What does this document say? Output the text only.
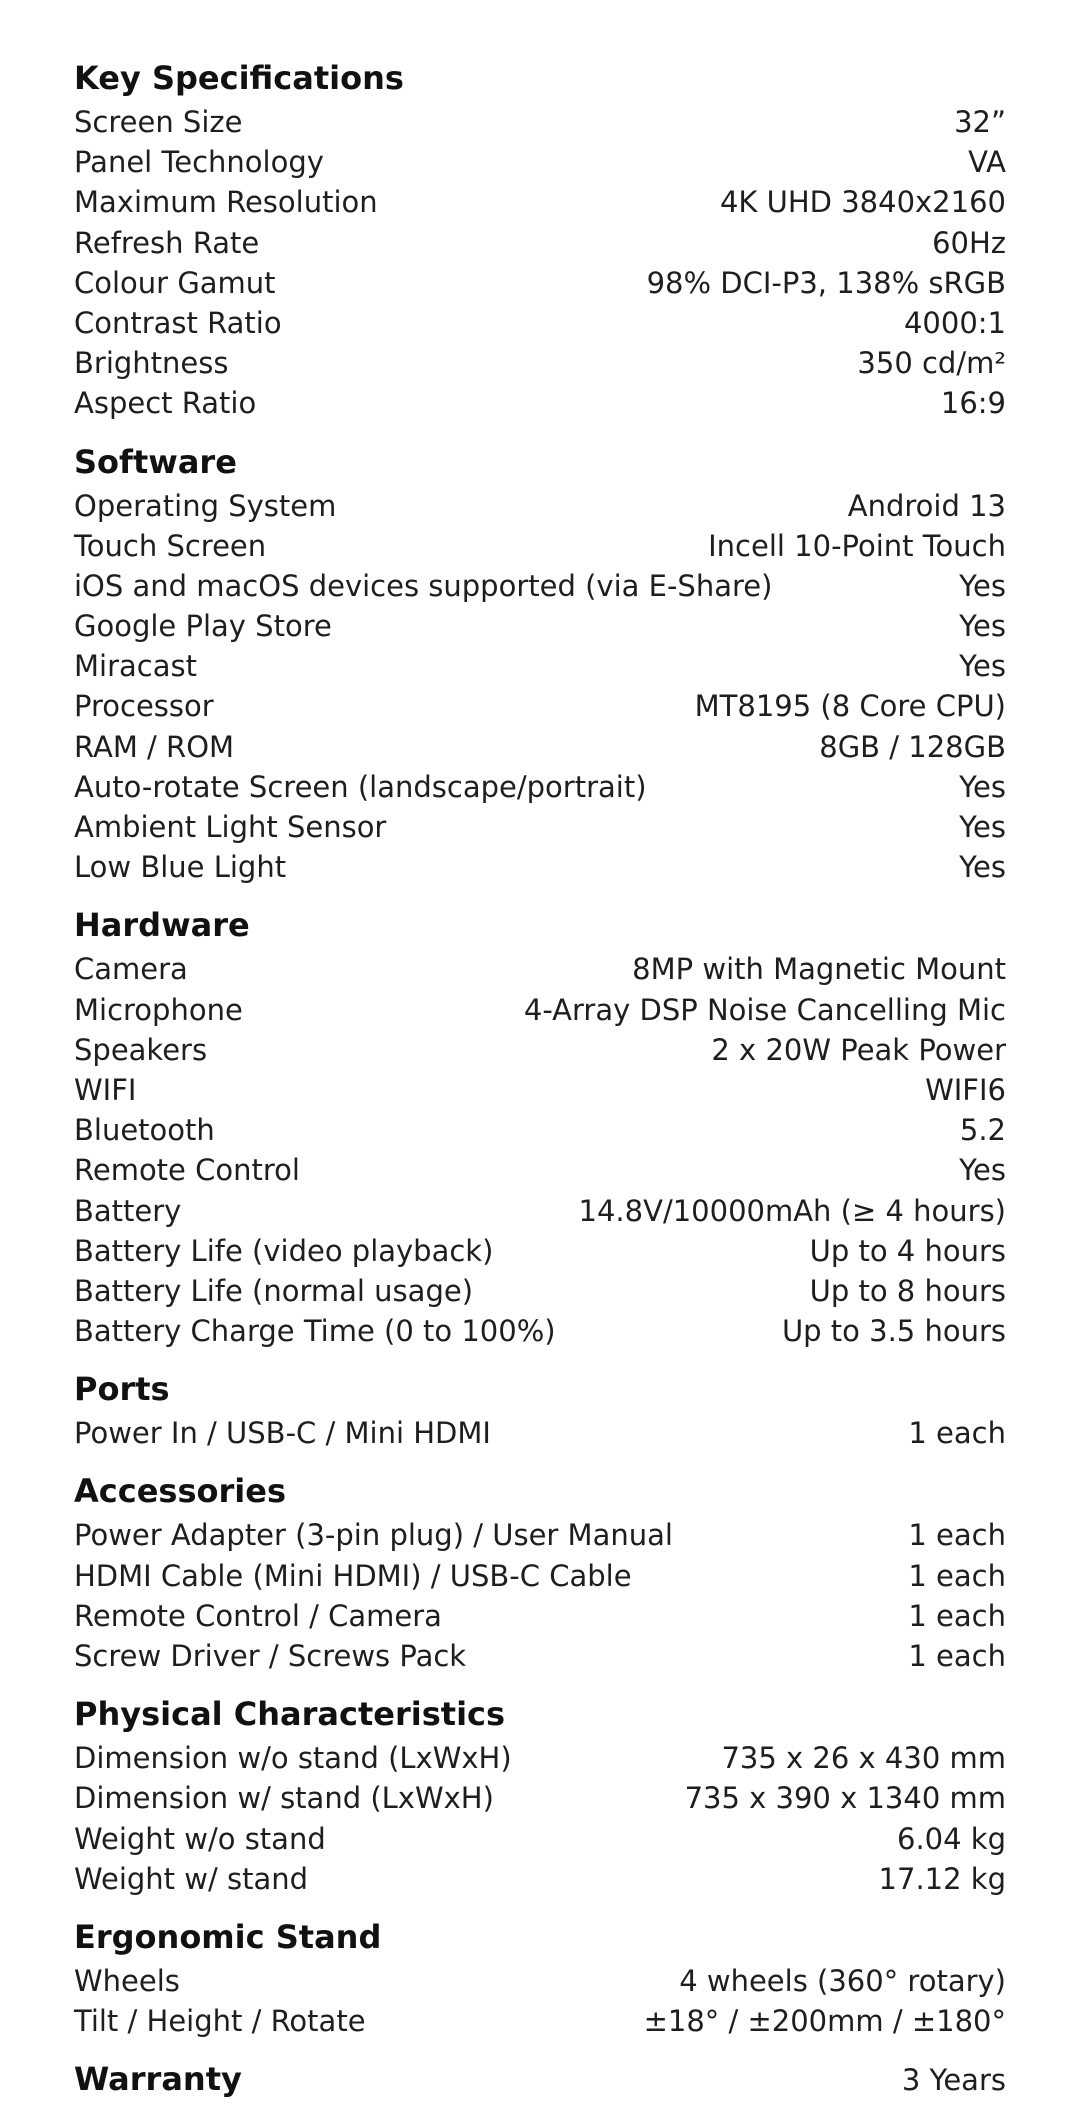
Key Specifications
Screen Size	32”
Panel Technology	VA
Maximum Resolution	4K UHD 3840x2160
Refresh Rate	60Hz
Colour Gamut	98% DCI-P3, 138% sRGB
Contrast Ratio	4000:1
Brightness	350 cd/m²
Aspect Ratio	16:9
Software
Operating System	Android 13
Touch Screen	Incell 10-Point Touch
iOS and macOS devices supported (via E-Share)	Yes
Google Play Store	Yes
Miracast	Yes
Processor	MT8195 (8 Core CPU)
RAM / ROM	8GB / 128GB
Auto-rotate Screen (landscape/portrait)	Yes
Ambient Light Sensor	Yes
Low Blue Light	Yes
Hardware
Camera	8MP with Magnetic Mount
Microphone	4-Array DSP Noise Cancelling Mic
Speakers	2 x 20W Peak Power
WIFI	WIFI6
Bluetooth	5.2
Remote Control	Yes
Battery	14.8V/10000mAh (≥ 4 hours)
Battery Life (video playback)	Up to 4 hours
Battery Life (normal usage)	Up to 8 hours
Battery Charge Time (0 to 100%)	Up to 3.5 hours
Ports
Power In / USB-C / Mini HDMI	1 each
Accessories
Power Adapter (3-pin plug) / User Manual	1 each
HDMI Cable (Mini HDMI) / USB-C Cable	1 each
Remote Control / Camera	1 each
Screw Driver / Screws Pack	1 each
Physical Characteristics
Dimension w/o stand (LxWxH)	735 x 26 x 430 mm
Dimension w/ stand (LxWxH)	735 x 390 x 1340 mm
Weight w/o stand	6.04 kg
Weight w/ stand	17.12 kg
Ergonomic Stand
Wheels	4 wheels (360° rotary)
Tilt / Height / Rotate	±18° / ±200mm / ±180°
Warranty	3 Years
